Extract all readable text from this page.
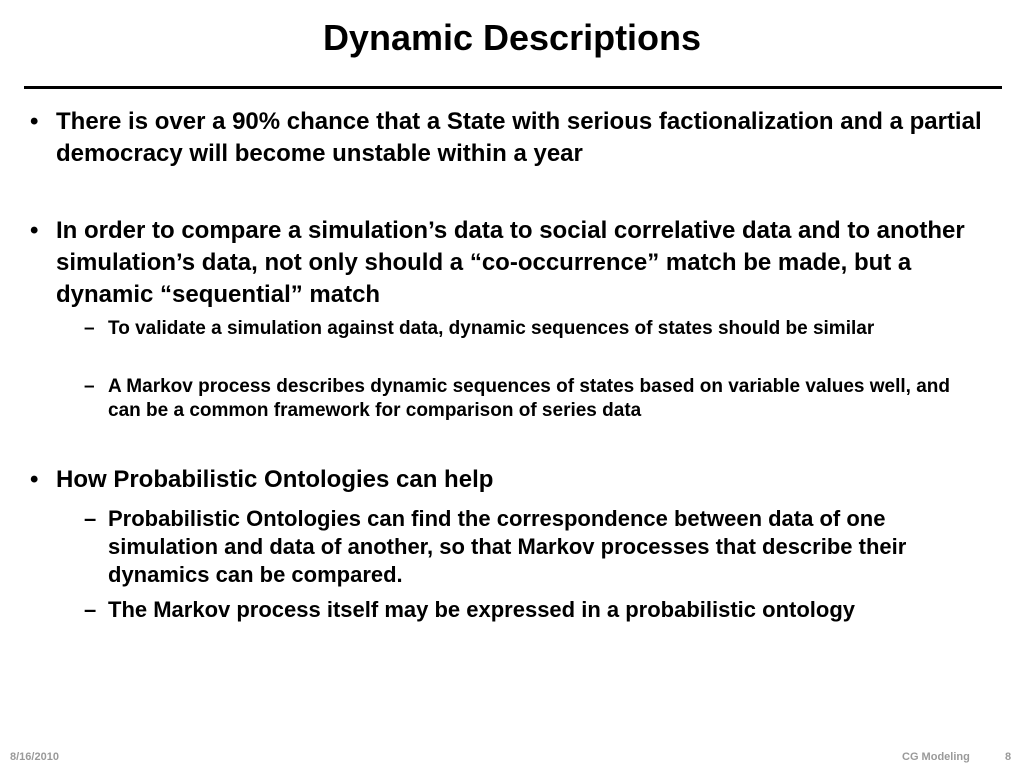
Dynamic Descriptions
• There is over a 90% chance that a State with serious factionalization and a partial democracy will become unstable within a year
• In order to compare a simulation’s data to social correlative data and to another simulation’s data, not only should a “co-occurrence” match be made, but a dynamic “sequential” match
– To validate a simulation against data, dynamic sequences of states should be similar
– A Markov process describes dynamic sequences of states based on variable values well, and can be a common framework for comparison of series data
• How Probabilistic Ontologies can help
– Probabilistic Ontologies can find the correspondence between data of one simulation and data of another, so that Markov processes that describe their dynamics can be compared.
– The Markov process itself may be expressed in a probabilistic ontology
8/16/2010	CG Modeling	8
